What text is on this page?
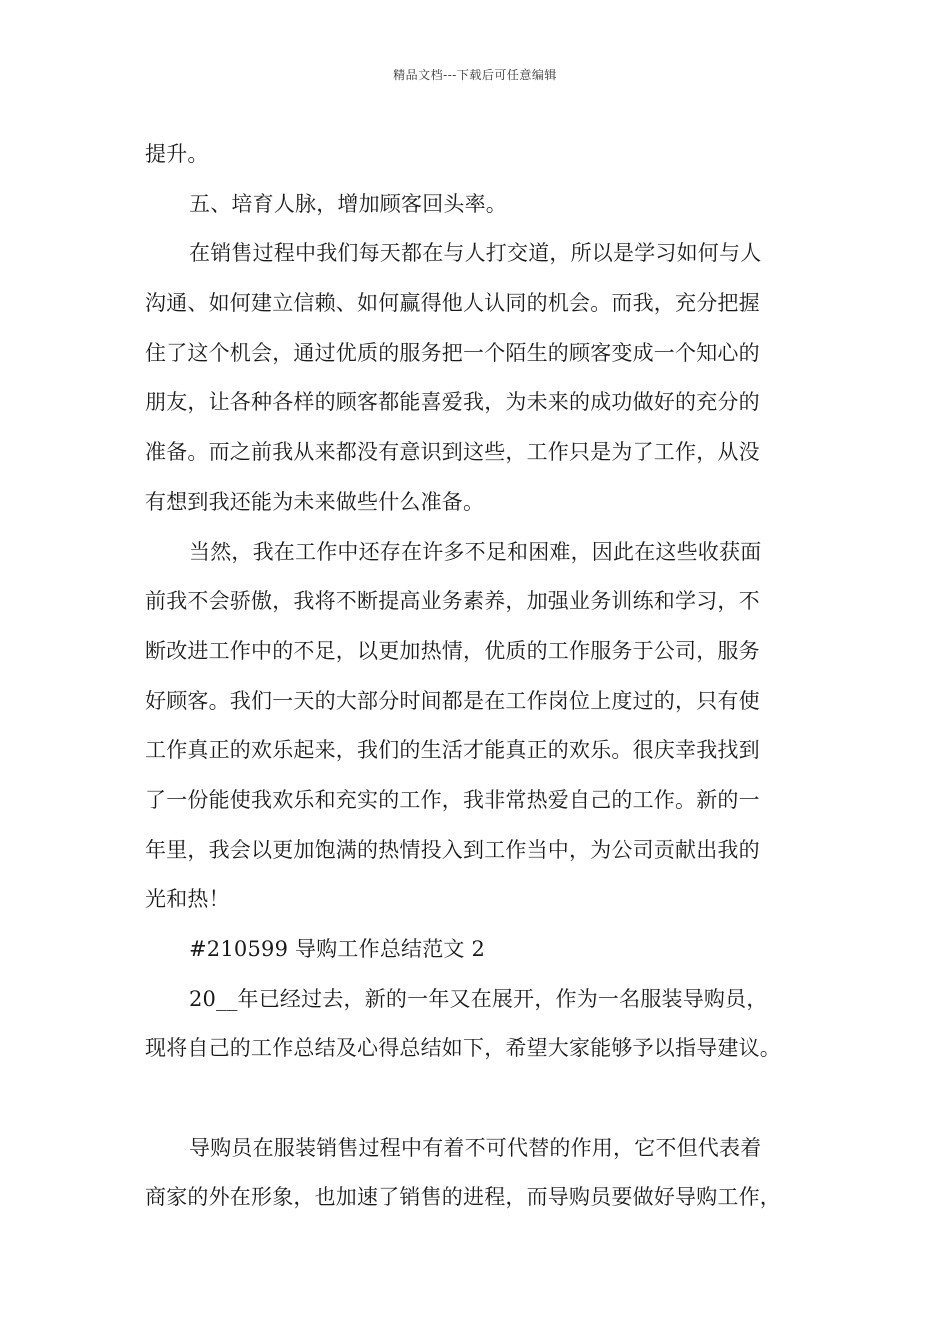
精品文档---下载后可任意编辑
提升。
五、培育人脉，增加顾客回头率。
在销售过程中我们每天都在与人打交道，所以是学习如何与人
沟通、如何建立信赖、如何赢得他人认同的机会。而我，充分把握
住了这个机会，通过优质的服务把一个陌生的顾客变成一个知心的
朋友，让各种各样的顾客都能喜爱我，为未来的成功做好的充分的
准备。而之前我从来都没有意识到这些，工作只是为了工作，从没
有想到我还能为未来做些什么准备。
当然，我在工作中还存在许多不足和困难，因此在这些收获面
前我不会骄傲，我将不断提高业务素养，加强业务训练和学习，不
断改进工作中的不足，以更加热情，优质的工作服务于公司，服务
好顾客。我们一天的大部分时间都是在工作岗位上度过的，只有使
工作真正的欢乐起来，我们的生活才能真正的欢乐。很庆幸我找到
了一份能使我欢乐和充实的工作，我非常热爱自己的工作。新的一
年里，我会以更加饱满的热情投入到工作当中，为公司贡献出我的
光和热！
#210599 导购工作总结范文 2
20__年已经过去，新的一年又在展开，作为一名服装导购员，
现将自己的工作总结及心得总结如下，希望大家能够予以指导建议。
导购员在服装销售过程中有着不可代替的作用，它不但代表着
商家的外在形象，也加速了销售的进程，而导购员要做好导购工作，
